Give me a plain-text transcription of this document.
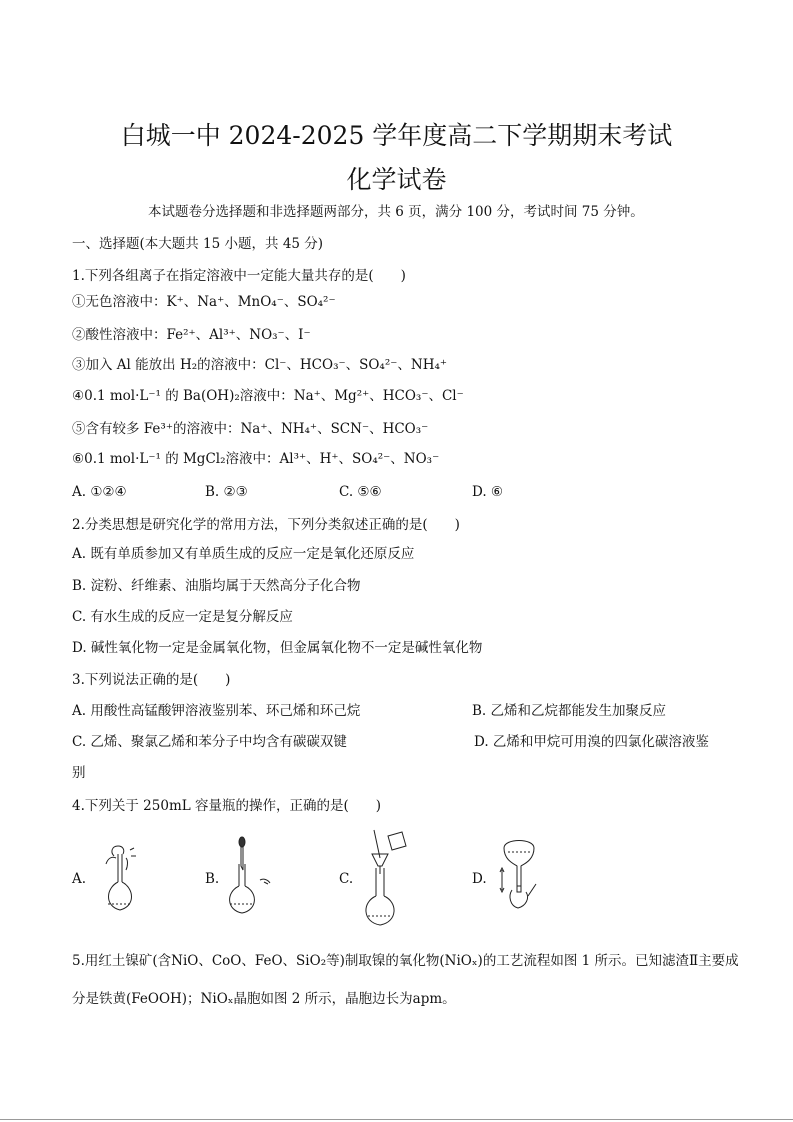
白城一中 2024-2025 学年度高二下学期期末考试
化学试卷
本试题卷分选择题和非选择题两部分，共 6 页，满分 100 分，考试时间 75 分钟。
一、选择题(本大题共 15 小题，共 45 分)
1.下列各组离子在指定溶液中一定能大量共存的是(　　)
①无色溶液中：K⁺、Na⁺、MnO₄⁻、SO₄²⁻
②酸性溶液中：Fe²⁺、Al³⁺、NO₃⁻、I⁻
③加入 Al 能放出 H₂的溶液中：Cl⁻、HCO₃⁻、SO₄²⁻、NH₄⁺
④0.1 mol·L⁻¹ 的 Ba(OH)₂溶液中：Na⁺、Mg²⁺、HCO₃⁻、Cl⁻
⑤含有较多 Fe³⁺的溶液中：Na⁺、NH₄⁺、SCN⁻、HCO₃⁻
⑥0.1 mol·L⁻¹ 的 MgCl₂溶液中：Al³⁺、H⁺、SO₄²⁻、NO₃⁻
A. ①②④	B. ②③	C. ⑤⑥	D. ⑥
2.分类思想是研究化学的常用方法，下列分类叙述正确的是(　　)
A. 既有单质参加又有单质生成的反应一定是氧化还原反应
B. 淀粉、纤维素、油脂均属于天然高分子化合物
C. 有水生成的反应一定是复分解反应
D. 碱性氧化物一定是金属氧化物，但金属氧化物不一定是碱性氧化物
3.下列说法正确的是(　　)
A. 用酸性高锰酸钾溶液鉴别苯、环己烯和环己烷	B. 乙烯和乙烷都能发生加聚反应
C. 乙烯、聚氯乙烯和苯分子中均含有碳碳双键	D. 乙烯和甲烷可用溴的四氯化碳溶液鉴
别
4.下列关于 250mL 容量瓶的操作，正确的是(　　)
A.	B.	C.	D.
5.用红土镍矿(含NiO、CoO、FeO、SiO₂等)制取镍的氧化物(NiOₓ)的工艺流程如图 1 所示。已知滤渣Ⅱ主要成
分是铁黄(FeOOH)；NiOₓ晶胞如图 2 所示，晶胞边长为apm。
